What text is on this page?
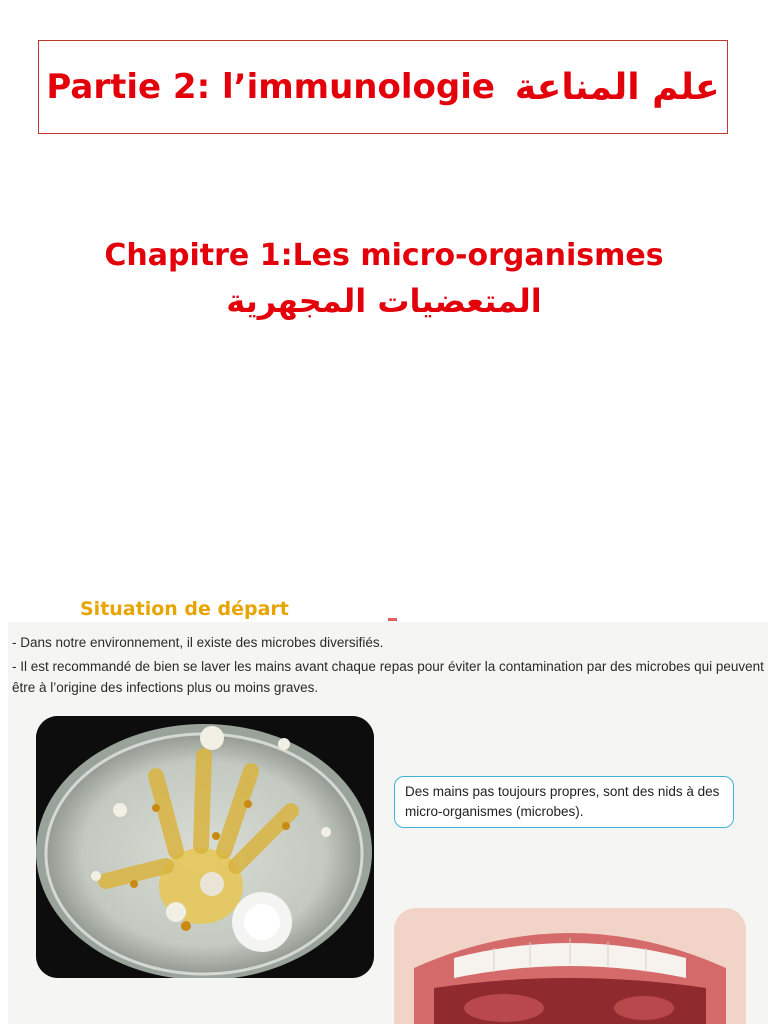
Partie 2: l’immunologie علم المناعة
Chapitre 1:Les micro-organismes
المتعضيات المجهرية
Situation de départ
- Dans notre environnement, il existe des microbes diversifiés.
- Il est recommandé de bien se laver les mains avant chaque repas pour éviter la contamination par des microbes qui peuvent être à l’origine des infections plus ou moins graves.
Des mains pas toujours propres, sont des nids à des micro-organismes (microbes).
